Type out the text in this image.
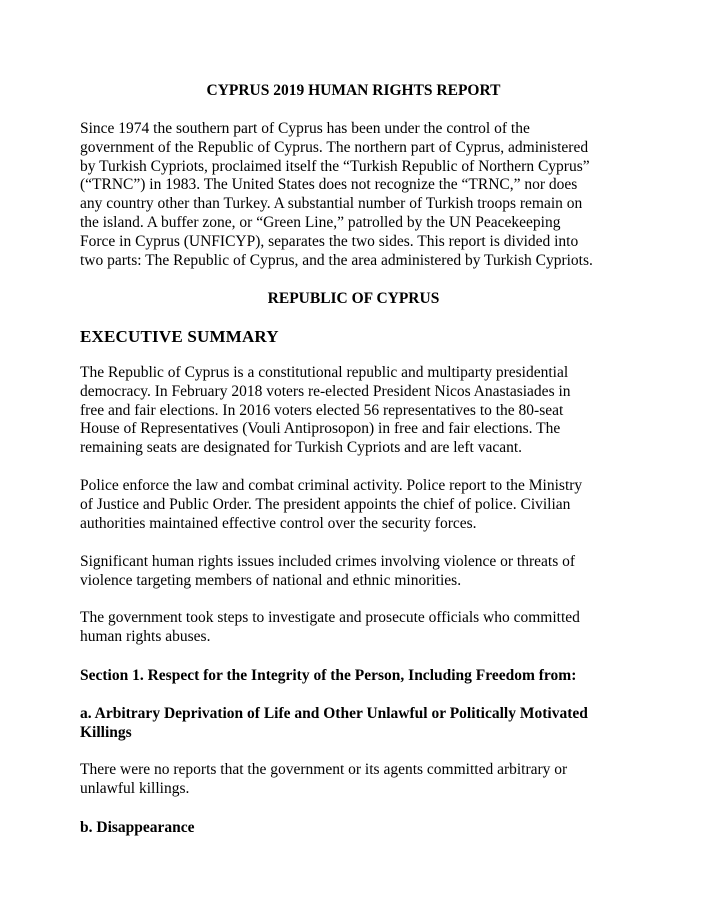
CYPRUS 2019 HUMAN RIGHTS REPORT
Since 1974 the southern part of Cyprus has been under the control of the
government of the Republic of Cyprus. The northern part of Cyprus, administered
by Turkish Cypriots, proclaimed itself the “Turkish Republic of Northern Cyprus”
(“TRNC”) in 1983. The United States does not recognize the “TRNC,” nor does
any country other than Turkey. A substantial number of Turkish troops remain on
the island. A buffer zone, or “Green Line,” patrolled by the UN Peacekeeping
Force in Cyprus (UNFICYP), separates the two sides. This report is divided into
two parts: The Republic of Cyprus, and the area administered by Turkish Cypriots.
REPUBLIC OF CYPRUS
EXECUTIVE SUMMARY
The Republic of Cyprus is a constitutional republic and multiparty presidential
democracy. In February 2018 voters re-elected President Nicos Anastasiades in
free and fair elections. In 2016 voters elected 56 representatives to the 80-seat
House of Representatives (Vouli Antiprosopon) in free and fair elections. The
remaining seats are designated for Turkish Cypriots and are left vacant.
Police enforce the law and combat criminal activity. Police report to the Ministry
of Justice and Public Order. The president appoints the chief of police. Civilian
authorities maintained effective control over the security forces.
Significant human rights issues included crimes involving violence or threats of
violence targeting members of national and ethnic minorities.
The government took steps to investigate and prosecute officials who committed
human rights abuses.
Section 1. Respect for the Integrity of the Person, Including Freedom from:
a. Arbitrary Deprivation of Life and Other Unlawful or Politically Motivated
Killings
There were no reports that the government or its agents committed arbitrary or
unlawful killings.
b. Disappearance
